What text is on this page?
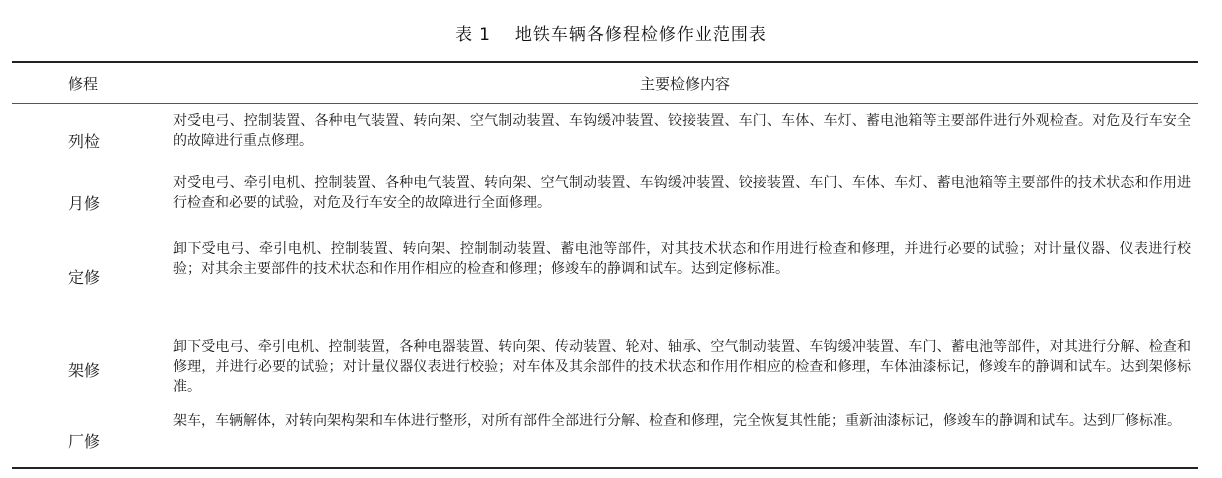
表 1 地铁车辆各修程检修作业范围表
修程	主要检修内容
列检
对受电弓、控制装置、各种电气装置、转向架、空气制动装置、车钩缓冲装置、铰接装置、车门、车体、车灯、蓄电池箱等主要部件进行外观检查。对危及行车安全的故障进行重点修理。
月修
对受电弓、牵引电机、控制装置、各种电气装置、转向架、空气制动装置、车钩缓冲装置、铰接装置、车门、车体、车灯、蓄电池箱等主要部件的技术状态和作用进行检查和必要的试验，对危及行车安全的故障进行全面修理。
定修
卸下受电弓、牵引电机、控制装置、转向架、控制制动装置、蓄电池等部件，对其技术状态和作用进行检查和修理，并进行必要的试验；对计量仪器、仪表进行校验；对其余主要部件的技术状态和作用作相应的检查和修理；修竣车的静调和试车。达到定修标准。
架修
卸下受电弓、牵引电机、控制装置，各种电器装置、转向架、传动装置、轮对、轴承、空气制动装置、车钩缓冲装置、车门、蓄电池等部件，对其进行分解、检查和修理，并进行必要的试验；对计量仪器仪表进行校验；对车体及其余部件的技术状态和作用作相应的检查和修理，车体油漆标记，修竣车的静调和试车。达到架修标准。
厂修
架车，车辆解体，对转向架构架和车体进行整形，对所有部件全部进行分解、检查和修理，完全恢复其性能；重新油漆标记，修竣车的静调和试车。达到厂修标准。
